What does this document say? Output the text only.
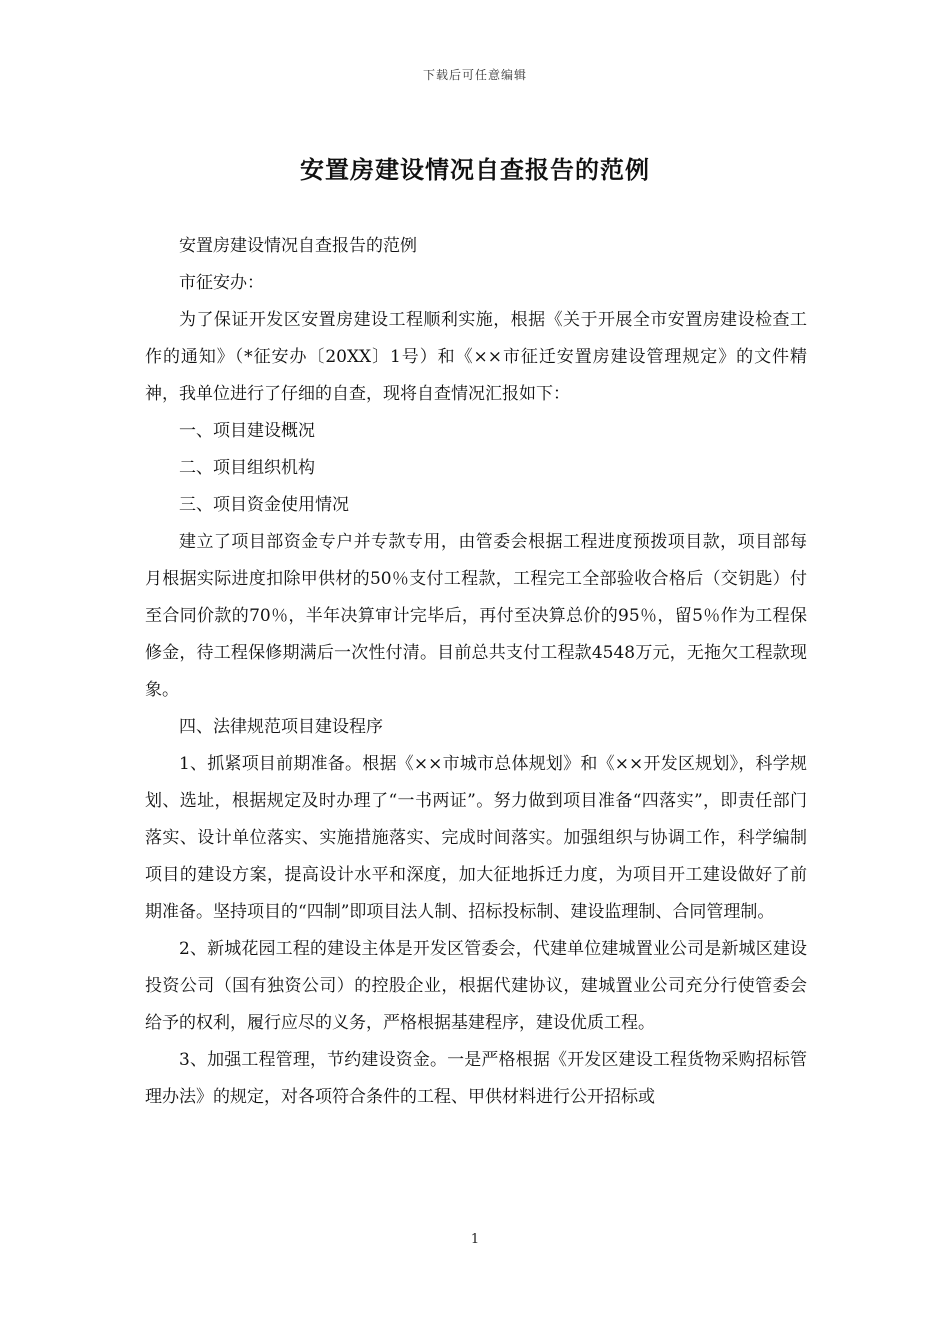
下载后可任意编辑
安置房建设情况自查报告的范例

安置房建设情况自查报告的范例

市征安办：

为了保证开发区安置房建设工程顺利实施，根据《关于开展全市安置房建设检查工作的通知》（*征安办〔20XX〕1号）和《××市征迁安置房建设管理规定》的文件精神，我单位进行了仔细的自查，现将自查情况汇报如下：

一、项目建设概况

二、项目组织机构

三、项目资金使用情况

建立了项目部资金专户并专款专用，由管委会根据工程进度预拨项目款，项目部每月根据实际进度扣除甲供材的50％支付工程款，工程完工全部验收合格后（交钥匙）付至合同价款的70％，半年决算审计完毕后，再付至决算总价的95％，留5％作为工程保修金，待工程保修期满后一次性付清。目前总共支付工程款4548万元，无拖欠工程款现象。

四、法律规范项目建设程序

1、抓紧项目前期准备。根据《××市城市总体规划》和《××开发区规划》，科学规划、选址，根据规定及时办理了“一书两证”。努力做到项目准备“四落实”，即责任部门落实、设计单位落实、实施措施落实、完成时间落实。加强组织与协调工作，科学编制项目的建设方案，提高设计水平和深度，加大征地拆迁力度，为项目开工建设做好了前期准备。坚持项目的“四制”即项目法人制、招标投标制、建设监理制、合同管理制。

2、新城花园工程的建设主体是开发区管委会，代建单位建城置业公司是新城区建设投资公司（国有独资公司）的控股企业，根据代建协议，建城置业公司充分行使管委会给予的权利，履行应尽的义务，严格根据基建程序，建设优质工程。

3、加强工程管理，节约建设资金。一是严格根据《开发区建设工程货物采购招标管理办法》的规定，对各项符合条件的工程、甲供材料进行公开招标或

1
